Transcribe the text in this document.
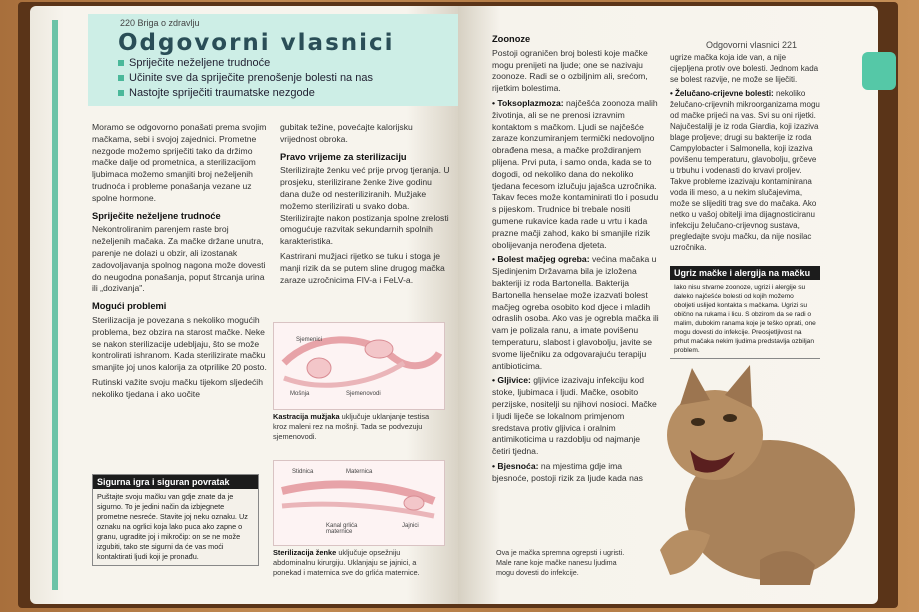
220 Briga o zdravlju
Odgovorni vlasnici
Spriječite neželjene trudnoće
Učinite sve da spriječite prenošenje bolesti na nas
Nastojte spriječiti traumatske nezgode

Moramo se odgovorno ponašati prema svojim mačkama, sebi i svojoj zajednici. Prometne nezgode možemo spriječiti tako da držimo mačke dalje od prometnica, a sterilizacijom ljubimaca možemo smanjiti broj neželjenih trudnoća i probleme ponašanja vezane uz spolne hormone.

Spriječite neželjene trudnoće

Nekontroliranim parenjem raste broj neželjenih mačaka. Za mačke držane unutra, parenje ne dolazi u obzir, ali izostanak zadovoljavanja spolnog nagona može dovesti do neugodna ponašanja, poput štrcanja urina ili „dozivanja".

Mogući problemi

Sterilizacija je povezana s nekoliko mogućih problema, bez obzira na starost mačke. Neke se nakon sterilizacije udebljaju, što se može kontrolirati ishranom. Kada sterilizirate mačku smanjite joj unos kalorija za otprilike 20 posto.

Rutinski važite svoju mačku tijekom sljedećih nekoliko tjedana i ako uočite

Sigurna igra i siguran povratak
Puštajte svoju mačku van gdje znate da je sigurno. To je jedini način da izbjegnete prometne nesreće. Stavite joj neku oznaku. Uz oznaku na ogrlici koja lako puca ako zapne o granu, ugradite joj i mikročip: on se ne može izgubiti, tako ste sigurni da će vas moći kontaktirati ljudi koji je pronađu.

gubitak težine, povećajte kalorijsku vrijednost obroka.

Pravo vrijeme za sterilizaciju

Sterilizirajte ženku već prije prvog tjeranja. U prosjeku, sterilizirane ženke žive godinu dana duže od nesteriliziranih. Mužjake možemo sterilizirati u svako doba. Sterilizirajte nakon postizanja spolne zrelosti omogućuje razvitak sekundarnih spolnih karakteristika.

Kastrirani mužjaci rijetko se tuku i stoga je manji rizik da se putem sline drugog mačka zaraze uzročnicima FIV-a i FeLV-a.

Sjemenici
Mošnja	Sjemenovodi
Kastracija mužjaka uključuje uklanjanje testisa kroz maleni rez na mošnji. Tada se podvezuju sjemenovodi.
Stidnica	Maternica
Kanal grlića maternice
Jajnici
Sterilizacija ženke uključuje opsežniju abdominalnu kirurgiju. Uklanjaju se jajnici, a ponekad i maternica sve do grlića maternice.
Odgovorni vlasnici 221
Zoonoze

Postoji ograničen broj bolesti koje mačke mogu prenijeti na ljude; one se nazivaju zoonoze. Radi se o ozbiljnim ali, srećom, rijetkim bolestima.

• Toksoplazmoza: najčešća zoonoza malih životinja, ali se ne prenosi izravnim kontaktom s mačkom. Ljudi se najčešće zaraze konzumiranjem termički nedovoljno obrađena mesa, a mačke proždiranjem plijena. Prvi puta, i samo onda, kada se to dogodi, od nekoliko dana do nekoliko tjedana fecesom izlučuju jajašca uzročnika. Takav feces može kontaminirati tlo i posudu s pijeskom. Trudnice bi trebale nositi gumene rukavice kada rade u vrtu i kada prazne mačji zahod, kako bi smanjile rizik obolijevanja nerođena djeteta.

• Bolest mačjeg ogreba: većina mačaka u Sjedinjenim Državama bila je izložena bakteriji iz roda Bartonella. Bakterija Bartonella henselae može izazvati bolest mačjeg ogreba osobito kod djece i mladih odraslih osoba. Ako vas je ogrebla mačka ili vam je polizala ranu, a imate povišenu temperaturu, slabost i glavobolju, javite se svome liječniku za odgovarajuću terapiju antibioticima.

• Gljivice: gljivice izazivaju infekciju kod stoke, ljubimaca i ljudi. Mačke, osobito perzijske, nositelji su njihovi nosioci. Mačke i ljudi liječe se lokalnom primjenom sredstava protiv gljivica i oralnim antimikoticima u razdoblju od najmanje četiri tjedna.

• Bjesnoća: na mjestima gdje ima bjesnoće, postoji rizik za ljude kada nas

ugrize mačka koja ide van, a nije cijepljena protiv ove bolesti. Jednom kada se bolest razvije, ne može se liječiti.

• Želučano-crijevne bolesti: nekoliko želučano-crijevnih mikroorganizama mogu od mačke prijeći na vas. Svi su oni rijetki. Najučestaliji je iz roda Giardia, koji izaziva blage proljeve; drugi su bakterije iz roda Campylobacter i Salmonella, koji izaziva povišenu temperaturu, glavobolju, grčeve u trbuhu i vodenasti do krvavi proljev. Takve probleme izazivaju kontaminirana voda ili meso, a u nekim slučajevima, može se slijediti trag sve do mačaka. Ako netko u vašoj obitelji ima dijagnosticiranu infekciju želučano-crijevnog sustava, pregledajte svoju mačku, da nije nosilac uzročnika.

Ugriz mačke i alergija na mačku
Iako nisu stvarne zoonoze, ugrizi i alergije su daleko najčešće bolesti od kojih možemo oboljeti uslijed kontakta s mačkama. Ugrizi su obično na rukama i licu. S obzirom da se radi o malim, dubokim ranama koje je teško oprati, one mogu dovesti do infekcije. Preosjetljivost na prhut mačaka nekim ljudima predstavlja ozbiljan problem.
Ova je mačka spremna ogrepsti i ugristi. Male rane koje mačke nanesu ljudima mogu dovesti do infekcije.
